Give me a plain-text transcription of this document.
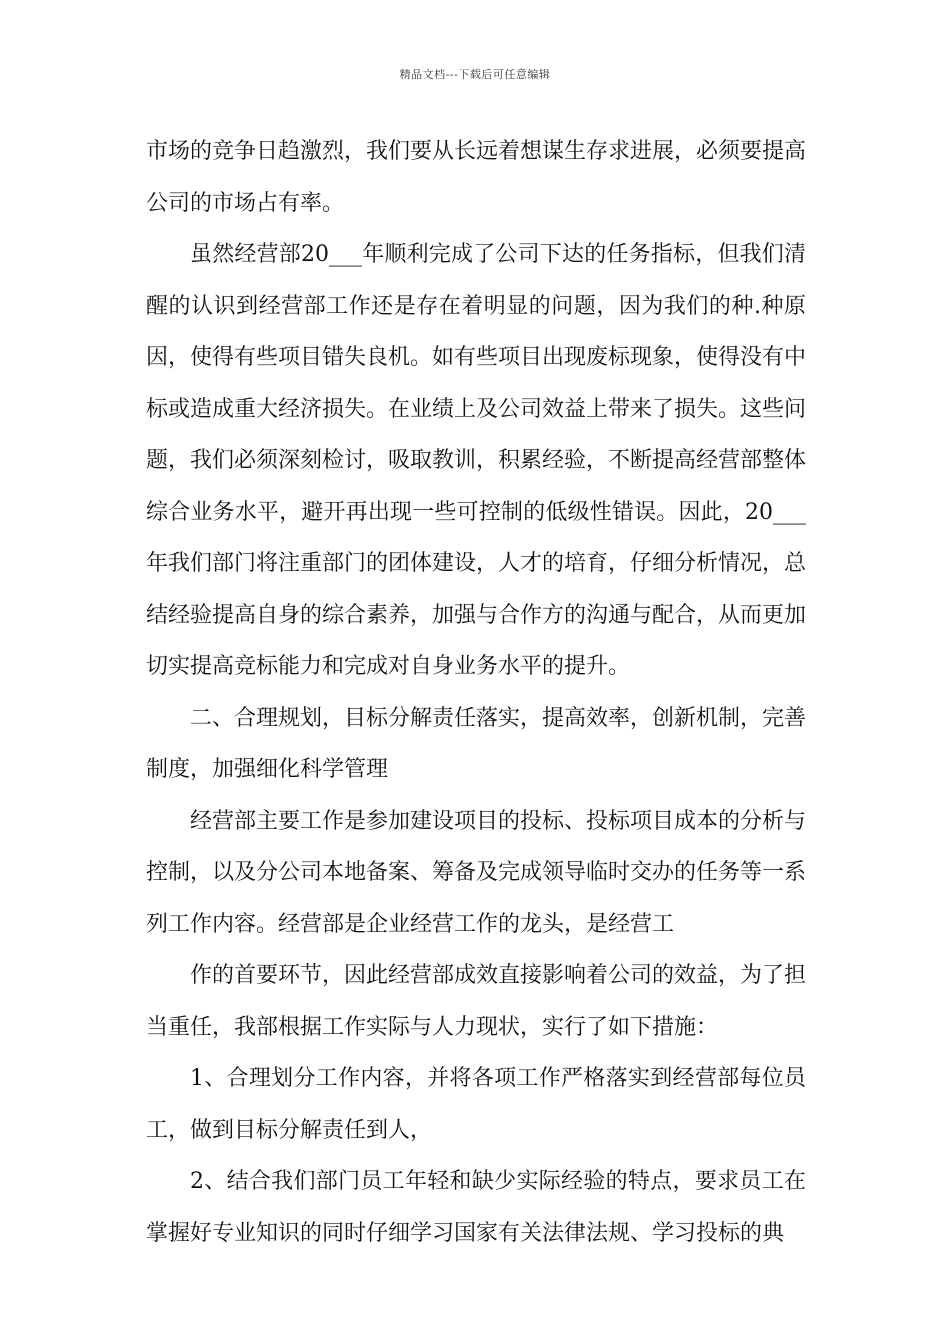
精品文档---下载后可任意编辑

市场的竞争日趋激烈，我们要从长远着想谋生存求进展，必须要提高公司的市场占有率。

虽然经营部20___年顺利完成了公司下达的任务指标，但我们清醒的认识到经营部工作还是存在着明显的问题，因为我们的种.种原因，使得有些项目错失良机。如有些项目出现废标现象，使得没有中标或造成重大经济损失。在业绩上及公司效益上带来了损失。这些问题，我们必须深刻检讨，吸取教训，积累经验，不断提高经营部整体综合业务水平，避开再出现一些可控制的低级性错误。因此，20___年我们部门将注重部门的团体建设，人才的培育，仔细分析情况，总结经验提高自身的综合素养，加强与合作方的沟通与配合，从而更加切实提高竞标能力和完成对自身业务水平的提升。

二、合理规划，目标分解责任落实，提高效率，创新机制，完善制度，加强细化科学管理

经营部主要工作是参加建设项目的投标、投标项目成本的分析与控制，以及分公司本地备案、筹备及完成领导临时交办的任务等一系列工作内容。经营部是企业经营工作的龙头，是经营工

作的首要环节，因此经营部成效直接影响着公司的效益，为了担当重任，我部根据工作实际与人力现状，实行了如下措施：

1、合理划分工作内容，并将各项工作严格落实到经营部每位员工，做到目标分解责任到人，

2、结合我们部门员工年轻和缺少实际经验的特点，要求员工在掌握好专业知识的同时仔细学习国家有关法律法规、学习投标的典
